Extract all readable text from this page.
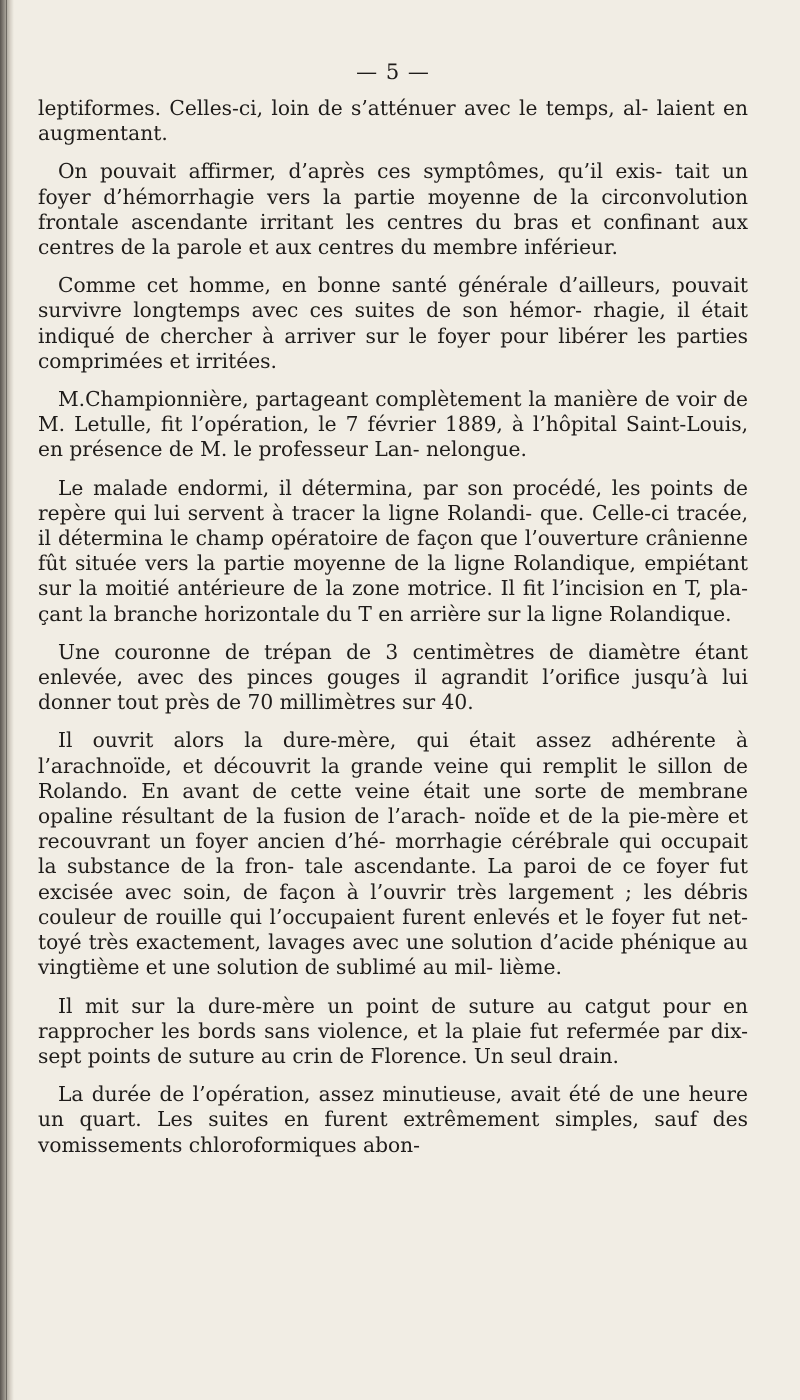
— 5 —

leptiformes. Celles-ci, loin de s’atténuer avec le temps, al- laient en augmentant.

On pouvait affirmer, d’après ces symptômes, qu’il exis- tait un foyer d’hémorrhagie vers la partie moyenne de la circonvolution frontale ascendante irritant les centres du bras et confinant aux centres de la parole et aux centres du membre inférieur.

Comme cet homme, en bonne santé générale d’ailleurs, pouvait survivre longtemps avec ces suites de son hémor- rhagie, il était indiqué de chercher à arriver sur le foyer pour libérer les parties comprimées et irritées.

M.Championnière, partageant complètement la manière de voir de M. Letulle, fit l’opération, le 7 février 1889, à l’hôpital Saint-Louis, en présence de M. le professeur Lan- nelongue.

Le malade endormi, il détermina, par son procédé, les points de repère qui lui servent à tracer la ligne Rolandi- que. Celle-ci tracée, il détermina le champ opératoire de façon que l’ouverture crânienne fût située vers la partie moyenne de la ligne Rolandique, empiétant sur la moitié antérieure de la zone motrice. Il fit l’incision en T, pla- çant la branche horizontale du T en arrière sur la ligne Rolandique.

Une couronne de trépan de 3 centimètres de diamètre étant enlevée, avec des pinces gouges il agrandit l’orifice jusqu’à lui donner tout près de 70 millimètres sur 40.

Il ouvrit alors la dure-mère, qui était assez adhérente à l’arachnoïde, et découvrit la grande veine qui remplit le sillon de Rolando. En avant de cette veine était une sorte de membrane opaline résultant de la fusion de l’arach- noïde et de la pie-mère et recouvrant un foyer ancien d’hé- morrhagie cérébrale qui occupait la substance de la fron- tale ascendante. La paroi de ce foyer fut excisée avec soin, de façon à l’ouvrir très largement ; les débris couleur de rouille qui l’occupaient furent enlevés et le foyer fut net- toyé très exactement, lavages avec une solution d’acide phénique au vingtième et une solution de sublimé au mil- lième.

Il mit sur la dure-mère un point de suture au catgut pour en rapprocher les bords sans violence, et la plaie fut refermée par dix-sept points de suture au crin de Florence. Un seul drain.

La durée de l’opération, assez minutieuse, avait été de une heure un quart. Les suites en furent extrêmement simples, sauf des vomissements chloroformiques abon-
